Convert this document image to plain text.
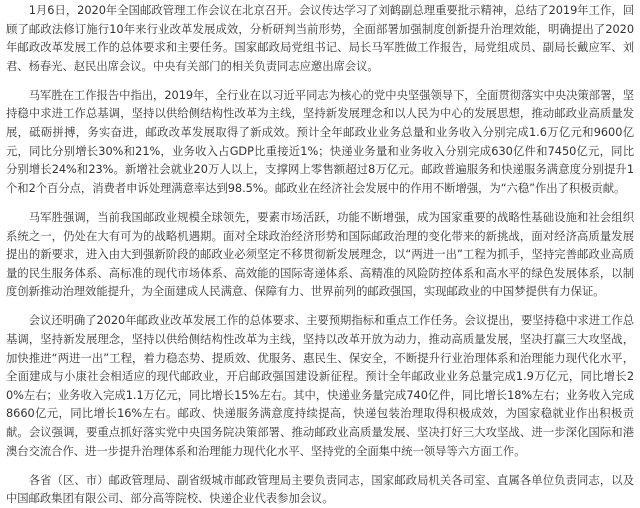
1月6日，2020年全国邮政管理工作会议在北京召开。会议传达学习了刘鹤副总理重要批示精神，总结了2019年工作，回顾了邮政法修订施行10年来行业改革发展成效，分析研判当前形势，全面部署加强制度创新提升治理效能，明确提出了2020年邮政改革发展工作的总体要求和主要任务。国家邮政局党组书记、局长马军胜做工作报告，局党组成员、副局长戴应军、刘君、杨春光、赵民出席会议。中央有关部门的相关负责同志应邀出席会议。

马军胜在工作报告中指出，2019年，全行业在以习近平同志为核心的党中央坚强领导下，全面贯彻落实中央决策部署，坚持稳中求进工作总基调，坚持以供给侧结构性改革为主线，坚持新发展理念和以人民为中心的发展思想，推动邮政业高质量发展，砥砺拼搏，务实奋进，邮政改革发展取得了新成效。预计全年邮政业业务总量和业务收入分别完成1.6万亿元和9600亿元，同比分别增长30%和21%，业务收入占GDP比重接近1%；快递业务量和业务收入分别完成630亿件和7450亿元，同比分别增长24%和23%。新增社会就业20万人以上，支撑网上零售额超过8万亿元。邮政普遍服务和快递服务满意度分别提升1个和2个百分点，消费者申诉处理满意率达到98.5%。邮政业在经济社会发展中的作用不断增强，为“六稳”作出了积极贡献。

马军胜强调，当前我国邮政业规模全球领先，要素市场活跃，功能不断增强，成为国家重要的战略性基础设施和社会组织系统之一，仍处在大有可为的战略机遇期。面对全球政治经济形势和国际邮政治理的变化带来的新挑战，面对经济高质量发展提出的新要求，进入由大到强新阶段的邮政业必须坚定不移贯彻新发展理念，以“两进一出”工程为抓手，坚持完善邮政业高质量的民生服务体系、高标准的现代市场体系、高效能的国际寄递体系、高精准的风险防控体系和高水平的绿色发展体系，以制度创新推动治理效能提升，为全面建成人民满意、保障有力、世界前列的邮政强国，实现邮政业的中国梦提供有力保证。

会议还明确了2020年邮政业改革发展工作的总体要求、主要预期指标和重点工作任务。会议提出，要坚持稳中求进工作总基调，坚持新发展理念，坚持以供给侧结构性改革为主线，坚持以改革开放为动力，推动高质量发展，坚决打赢三大攻坚战，加快推进“两进一出”工程，着力稳态势、提质效、优服务、惠民生、保安全，不断提升行业治理体系和治理能力现代化水平，全面建成与小康社会相适应的现代邮政业，开启邮政强国建设新征程。预计全年邮政业业务总量完成1.9万亿元，同比增长20%左右；业务收入完成1.1万亿元，同比增长15%左右。其中，快递业务量完成740亿件，同比增长18%左右；业务收入完成8660亿元，同比增长16%左右。邮政、快递服务满意度持续提高，快递包装治理取得积极成效，为国家稳就业作出积极贡献。会议强调，要重点抓好落实党中央国务院决策部署、推动邮政业高质量发展、坚决打好三大攻坚战、进一步深化国际和港澳台交流合作、进一步提升治理体系和治理能力现代化水平、坚持党的全面集中统一领导等六方面工作。

各省（区、市）邮政管理局、副省级城市邮政管理局主要负责同志，国家邮政局机关各司室、直属各单位负责同志，以及中国邮政集团有限公司、部分高等院校、快递企业代表参加会议。
